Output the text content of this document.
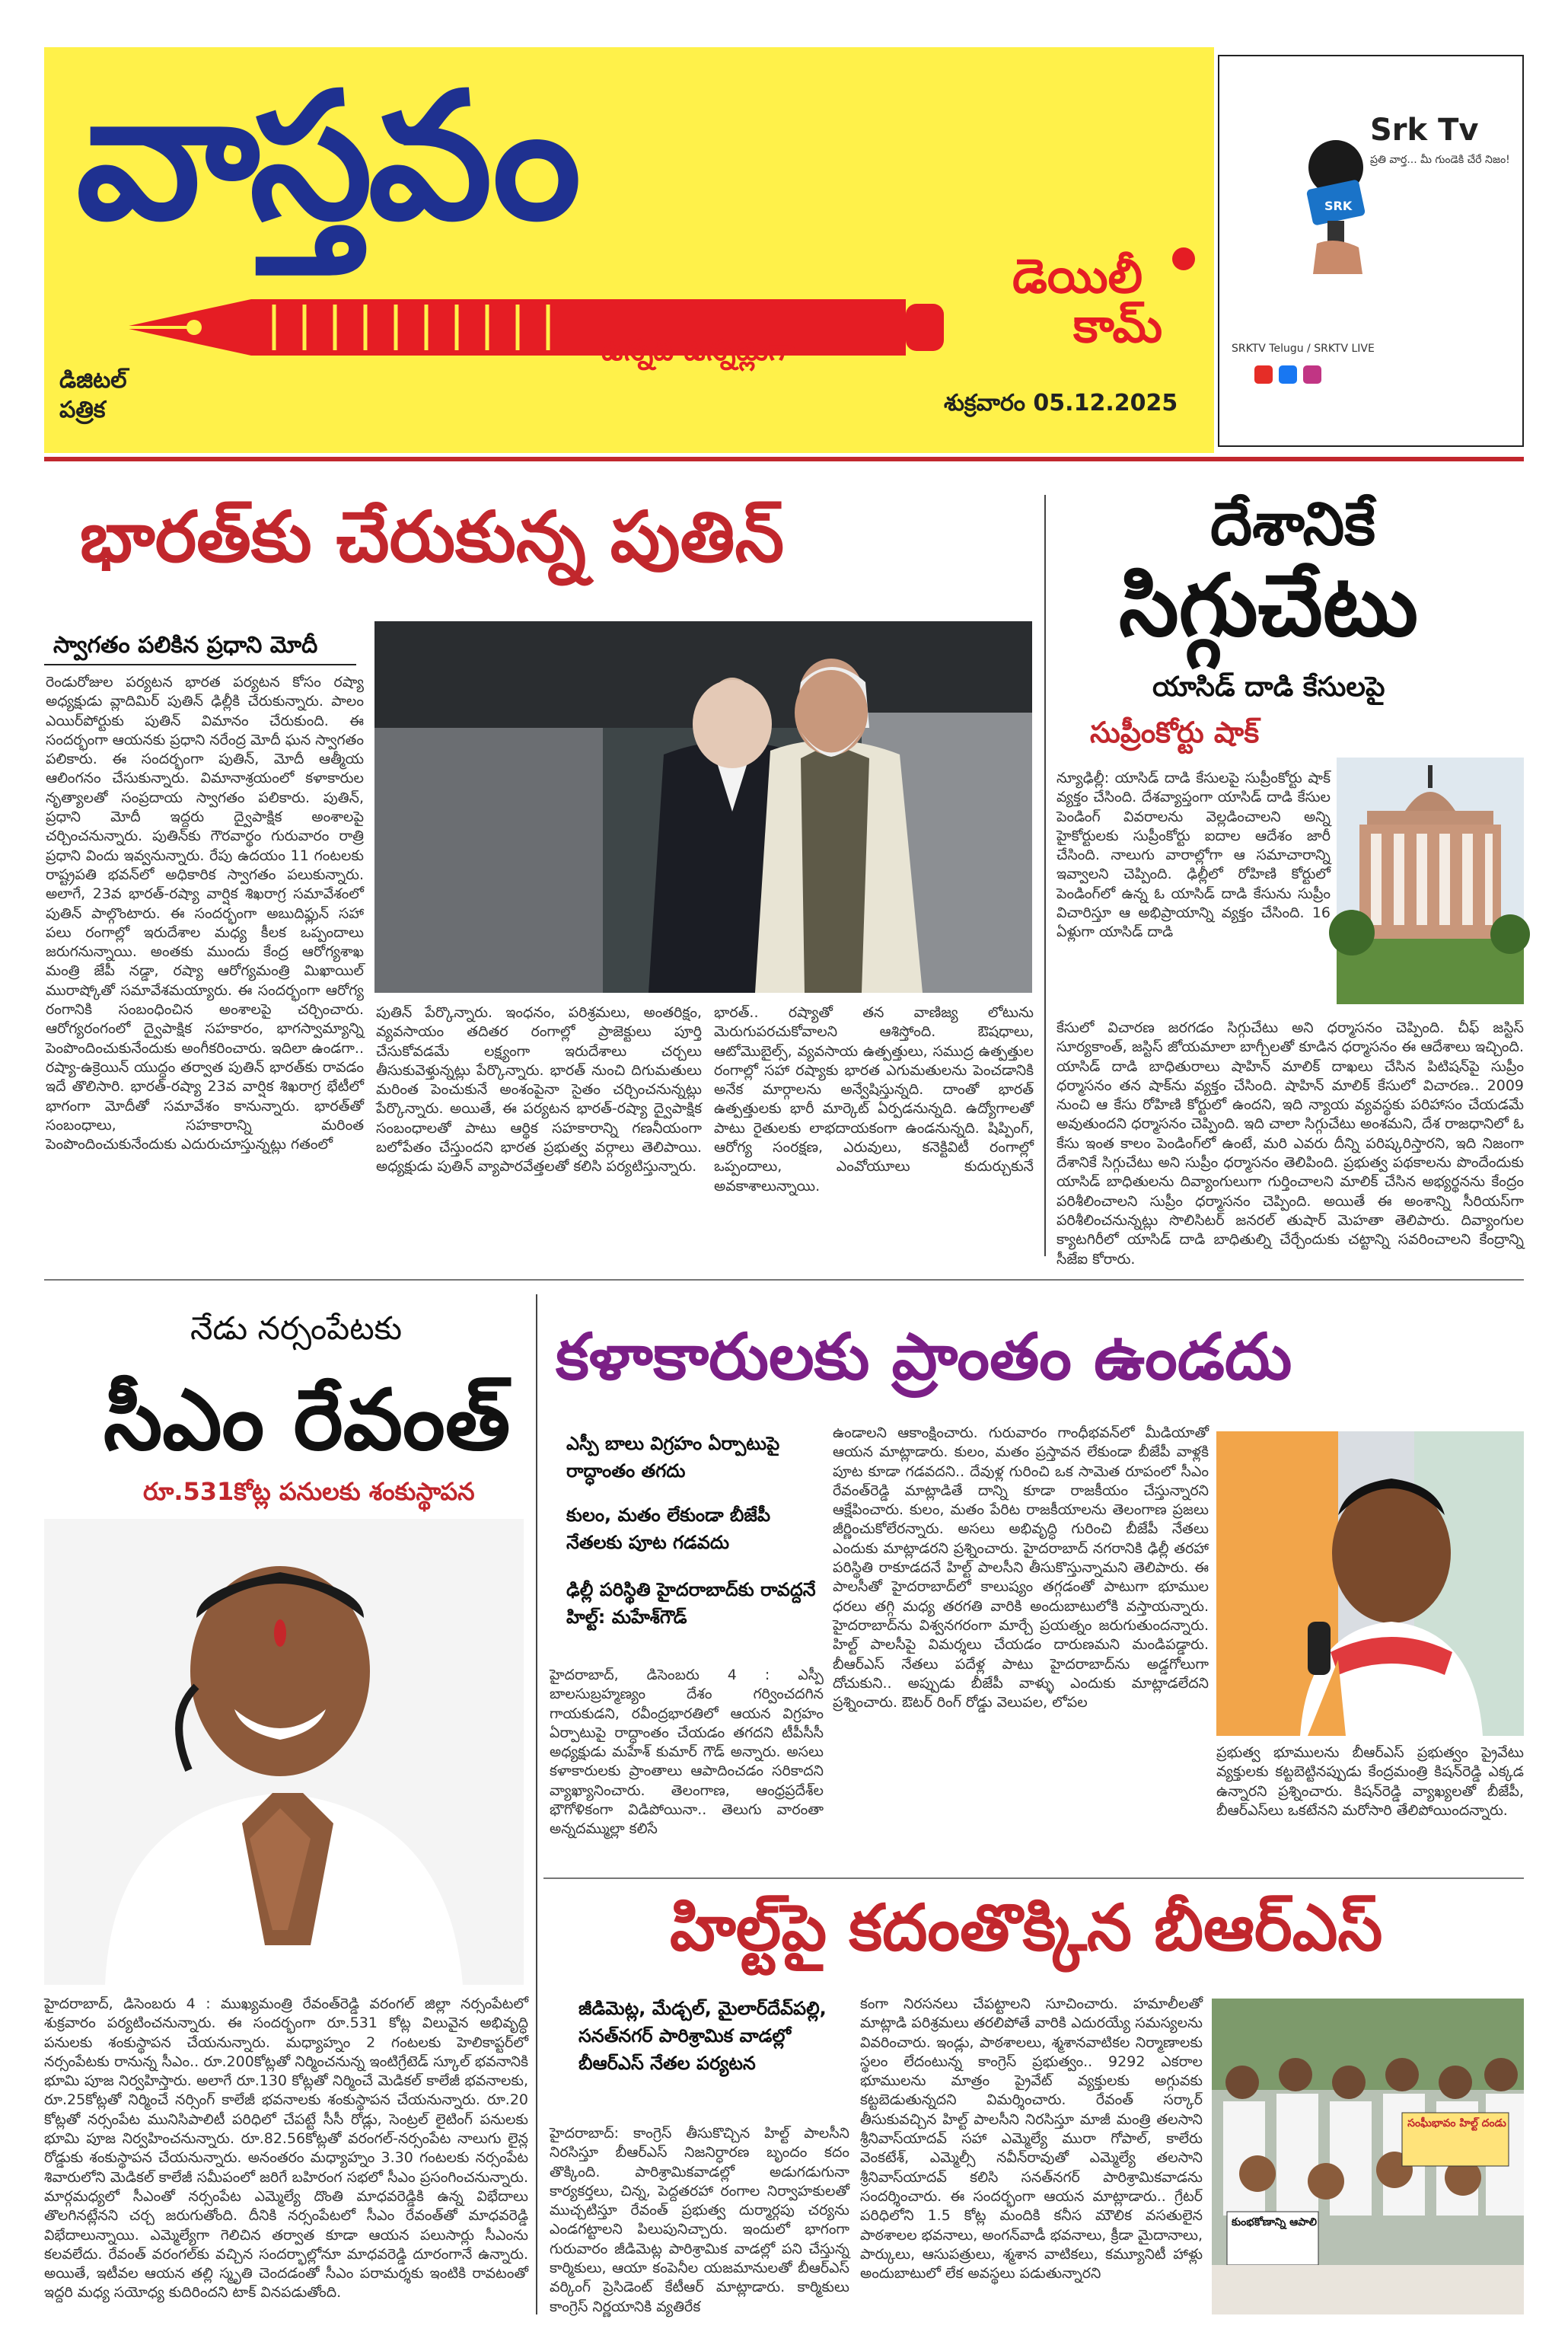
వాస్తవం
డెయిలీ
కామ్
ఉన్నది ఉన్నట్లుగా
డిజిటల్
పత్రిక	శుక్రవారం 05.12.2025
Srk Tv
ప్రతి వార్త... మీ గుండెకి చేరే నిజం!
SRK
SRKTV Telugu / SRKTV LIVE
భారత్‌కు చేరుకున్న పుతిన్
స్వాగతం పలికిన ప్రధాని మోదీ
రెండురోజుల పర్యటన భారత పర్యటన కోసం రష్యా అధ్యక్షుడు వ్లాదిమిర్ పుతిన్ ఢిల్లీకి చేరుకున్నారు. పాలం ఎయిర్‌పోర్టుకు పుతిన్ విమానం చేరుకుంది. ఈ సందర్భంగా ఆయనకు ప్రధాని నరేంద్ర మోదీ ఘన స్వాగతం పలికారు. ఈ సందర్భంగా పుతిన్, మోదీ ఆత్మీయ ఆలింగనం చేసుకున్నారు. విమానాశ్రయంలో కళాకారుల నృత్యాలతో సంప్రదాయ స్వాగతం పలికారు. పుతిన్, ప్రధాని మోదీ ఇద్దరు ద్వైపాక్షిక అంశాలపై చర్చించనున్నారు. పుతిన్‌కు గౌరవార్థం గురువారం రాత్రి ప్రధాని విందు ఇవ్వనున్నారు. రేపు ఉదయం 11 గంటలకు రాష్ట్రపతి భవన్‌లో అధికారిక స్వాగతం పలుకున్నారు. అలాగే, 23వ భారత్-రష్యా వార్షిక శిఖరాగ్ర సమావేశంలో పుతిన్ పాల్గొంటారు. ఈ సందర్భంగా అబుదిఫ్లున్ సహా పలు రంగాల్లో ఇరుదేశాల మధ్య కీలక ఒప్పందాలు జరుగనున్నాయి. అంతకు ముందు కేంద్ర ఆరోగ్యశాఖ మంత్రి జేపీ నడ్డా, రష్యా ఆరోగ్యమంత్రి మిఖాయిల్ మురాష్కోతో సమావేశమయ్యారు. ఈ సందర్భంగా ఆరోగ్య రంగానికి సంబంధించిన అంశాలపై చర్చించారు. ఆరోగ్యరంగంలో ద్వైపాక్షిక సహకారం, భాగస్వామ్యాన్ని పెంపొందించుకునేందుకు అంగీకరించారు. ఇదిలా ఉండగా.. రష్యా-ఉక్రెయిన్ యుద్ధం తర్వాత పుతిన్ భారత్‌కు రావడం ఇదే తొలిసారి. భారత్-రష్యా 23వ వార్షిక శిఖరాగ్ర భేటీలో భాగంగా మోదీతో సమావేశం కానున్నారు. భారత్‌తో సంబంధాలు, సహకారాన్ని మరింత పెంపొందించుకునేందుకు ఎదురుచూస్తున్నట్లు గతంలో
పుతిన్ పేర్కొన్నారు. ఇంధనం, పరిశ్రమలు, అంతరిక్షం, వ్యవసాయం తదితర రంగాల్లో ప్రాజెక్టులు పూర్తి చేసుకోవడమే లక్ష్యంగా ఇరుదేశాలు చర్చలు తీసుకువెళ్తున్నట్లు పేర్కొన్నారు. భారత్ నుంచి దిగుమతులు మరింత పెంచుకునే అంశంపైనా సైతం చర్చించనున్నట్లు పేర్కొన్నారు. అయితే, ఈ పర్యటన భారత్-రష్యా ద్వైపాక్షిక సంబంధాలతో పాటు ఆర్థిక సహకారాన్ని గణనీయంగా బలోపేతం చేస్తుందని భారత ప్రభుత్వ వర్గాలు తెలిపాయి. అధ్యక్షుడు పుతిన్ వ్యాపారవేత్తలతో కలిసి పర్యటిస్తున్నారు.
భారత్.. రష్యాతో తన వాణిజ్య లోటును మెరుగుపరచుకోవాలని ఆశిస్తోంది. ఔషధాలు, ఆటోమొబైల్స్, వ్యవసాయ ఉత్పత్తులు, సముద్ర ఉత్పత్తుల రంగాల్లో సహా రష్యాకు భారత ఎగుమతులను పెంచడానికి అనేక మార్గాలను అన్వేషిస్తున్నది. దాంతో భారత్ ఉత్పత్తులకు భారీ మార్కెట్ ఏర్పడనున్నది. ఉద్యోగాలతో పాటు రైతులకు లాభదాయకంగా ఉండనున్నది. షిప్పింగ్, ఆరోగ్య సంరక్షణ, ఎరువులు, కనెక్టివిటీ రంగాల్లో ఒప్పందాలు, ఎంవోయూలు కుదుర్చుకునే అవకాశాలున్నాయి.
దేశానికే
సిగ్గుచేటు
యాసిడ్ దాడి కేసులపై
సుప్రీంకోర్టు షాక్
న్యూఢిల్లీ: యాసిడ్ దాడి కేసులపై సుప్రీంకోర్టు షాక్ వ్యక్తం చేసింది. దేశవ్యాప్తంగా యాసిడ్ దాడి కేసుల పెండింగ్ వివరాలను వెల్లడించాలని అన్ని హైకోర్టులకు సుప్రీంకోర్టు ఐదాల ఆదేశం జారీ చేసింది. నాలుగు వారాల్లోగా ఆ సమాచారాన్ని ఇవ్వాలని చెప్పింది. ఢిల్లీలో రోహిణి కోర్టులో పెండింగ్‌లో ఉన్న ఓ యాసిడ్ దాడి కేసును సుప్రీం విచారిస్తూ ఆ అభిప్రాయాన్ని వ్యక్తం చేసింది. 16 ఏళ్లుగా యాసిడ్ దాడి
కేసులో విచారణ జరగడం సిగ్గుచేటు అని ధర్మాసనం చెప్పింది. చీఫ్ జస్టిస్ సూర్యకాంత్, జస్టిస్ జోయమాలా బాగ్చీలతో కూడిన ధర్మాసనం ఈ ఆదేశాలు ఇచ్చింది. యాసిడ్ దాడి బాధితురాలు షాహిన్ మాలిక్ దాఖలు చేసిన పిటిషన్‌పై సుప్రీం ధర్మాసనం తన షాక్‌ను వ్యక్తం చేసింది. షాహిన్ మాలిక్ కేసులో విచారణ.. 2009 నుంచి ఆ కేసు రోహిణి కోర్టులో ఉందని, ఇది న్యాయ వ్యవస్థకు పరిహాసం చేయడమే అవుతుందని ధర్మాసనం చెప్పింది. ఇది చాలా సిగ్గుచేటు అంశమని, దేశ రాజధానిలో ఓ కేసు ఇంత కాలం పెండింగ్‌లో ఉంటే, మరి ఎవరు దీన్ని పరిష్కరిస్తారని, ఇది నిజంగా దేశానికే సిగ్గుచేటు అని సుప్రీం ధర్మాసనం తెలిపింది. ప్రభుత్వ పథకాలను పొందేందుకు యాసిడ్ బాధితులను దివ్యాంగులుగా గుర్తించాలని మాలిక్ చేసిన అభ్యర్థనను కేంద్రం పరిశీలించాలని సుప్రీం ధర్మాసనం చెప్పింది. అయితే ఈ అంశాన్ని సీరియస్‌గా పరిశీలించనున్నట్లు సొలిసిటర్ జనరల్ తుషార్ మెహతా తెలిపారు. దివ్యాంగుల క్యాటగిరీలో యాసిడ్ దాడి బాధితుల్ని చేర్చేందుకు చట్టాన్ని సవరించాలని కేంద్రాన్ని సీజేఐ కోరారు.
నేడు నర్సంపేటకు
సీఎం రేవంత్
రూ.531కోట్ల పనులకు శంకుస్థాపన
హైదరాబాద్, డిసెంబరు 4 : ముఖ్యమంత్రి రేవంత్‌రెడ్డి వరంగల్ జిల్లా నర్సంపేటలో శుక్రవారం పర్యటించనున్నారు. ఈ సందర్భంగా రూ.531 కోట్ల విలువైన అభివృద్ధి పనులకు శంకుస్థాపన చేయనున్నారు. మధ్యాహ్నం 2 గంటలకు హెలికాప్టర్‌లో నర్సంపేటకు రానున్న సీఎం.. రూ.200కోట్లతో నిర్మించనున్న ఇంటిగ్రేటెడ్ స్కూల్ భవనానికి భూమి పూజ నిర్వహిస్తారు. అలాగే రూ.130 కోట్లతో నిర్మించే మెడికల్ కాలేజీ భవనాలకు, రూ.25కోట్లతో నిర్మించే నర్సింగ్ కాలేజీ భవనాలకు శంకుస్థాపన చేయనున్నారు. రూ.20 కోట్లతో నర్సంపేట మునిసిపాలిటీ పరిధిలో చేపట్టే సీసీ రోడ్లు, సెంట్రల్ లైటింగ్ పనులకు భూమి పూజ నిర్వహించనున్నారు. రూ.82.56కోట్లతో వరంగల్-నర్సంపేట నాలుగు లైన్ల రోడ్డుకు శంకుస్థాపన చేయనున్నారు. అనంతరం మధ్యాహ్నం 3.30 గంటలకు నర్సంపేట శివారులోని మెడికల్ కాలేజీ సమీపంలో జరిగే బహిరంగ సభలో సీఎం ప్రసంగించనున్నారు. మార్గమధ్యలో సీఎంతో నర్సంపేట ఎమ్మెల్యే దొంతి మాధవరెడ్డికి ఉన్న విభేదాలు తొలగినట్లేనని చర్చ జరుగుతోంది. దీనికి నర్సంపేటలో సీఎం రేవంత్‌తో మాధవరెడ్డి విభేదాలున్నాయి. ఎమ్మెల్యేగా గెలిచిన తర్వాత కూడా ఆయన పలుసార్లు సీఎంను కలవలేదు. రేవంత్ వరంగల్‌కు వచ్చిన సందర్భాల్లోనూ మాధవరెడ్డి దూరంగానే ఉన్నారు. అయితే, ఇటీవల ఆయన తల్లి స్మృతి చెందడంతో సీఎం పరామర్శకు ఇంటికి రావటంతో ఇద్దరి మధ్య సయోధ్య కుదిరిందని టాక్ వినపడుతోంది.
కళాకారులకు ప్రాంతం ఉండదు
ఎస్పీ బాలు విగ్రహం ఏర్పాటుపై రాద్ధాంతం తగదు
కులం, మతం లేకుండా బీజేపీ నేతలకు పూట గడవదు
ఢిల్లీ పరిస్థితి హైదరాబాద్‌కు రావద్దనే హిల్ట్: మహేశ్‌గౌడ్
హైదరాబాద్, డిసెంబరు 4 : ఎస్పీ బాలసుబ్రహ్మణ్యం దేశం గర్వించదగిన గాయకుడని, రవీంద్రభారతిలో ఆయన విగ్రహం ఏర్పాటుపై రాద్ధాంతం చేయడం తగదని టీపీసీసీ అధ్యక్షుడు మహేశ్ కుమార్ గౌడ్ అన్నారు. అసలు కళాకారులకు ప్రాంతాలు ఆపాదించడం సరికాదని వ్యాఖ్యానించారు. తెలంగాణ, ఆంధ్రప్రదేశ్‌ల భౌగోళికంగా విడిపోయినా.. తెలుగు వారంతా అన్నదమ్ముల్లా కలిసే
ఉండాలని ఆకాంక్షించారు. గురువారం గాంధీభవన్‌లో మీడియాతో ఆయన మాట్లాడారు. కులం, మతం ప్రస్తావన లేకుండా బీజేపీ వాళ్లకి పూట కూడా గడవదని.. దేవుళ్ల గురించి ఒక సామెత రూపంలో సీఎం రేవంత్‌రెడ్డి మాట్లాడితే దాన్ని కూడా రాజకీయం చేస్తున్నారని ఆక్షేపించారు. కులం, మతం పేరిట రాజకీయాలను తెలంగాణ ప్రజలు జీర్ణించుకోలేరన్నారు. అసలు అభివృద్ధి గురించి బీజేపీ నేతలు ఎందుకు మాట్లాడరని ప్రశ్నించారు. హైదరాబాద్ నగరానికి ఢిల్లీ తరహా పరిస్థితి రాకూడదనే హిల్ట్ పాలసీని తీసుకొస్తున్నామని తెలిపారు. ఈ పాలసీతో హైదరాబాద్‌లో కాలుష్యం తగ్గడంతో పాటుగా భూముల ధరలు తగ్గి మధ్య తరగతి వారికి అందుబాటులోకి వస్తాయన్నారు. హైదరాబాద్‌ను విశ్వనగరంగా మార్చే ప్రయత్నం జరుగుతుందన్నారు. హిల్ట్ పాలసీపై విమర్శలు చేయడం దారుణమని మండిపడ్డారు. బీఆర్ఎస్ నేతలు పదేళ్ల పాటు హైదరాబాద్‌ను అడ్డగోలుగా దోచుకుని.. అప్పుడు బీజేపీ వాళ్ళు ఎందుకు మాట్లాడలేదని ప్రశ్నించారు. ఔటర్ రింగ్ రోడ్డు వెలుపల, లోపల
ప్రభుత్వ భూములను బీఆర్ఎస్ ప్రభుత్వం ప్రైవేటు వ్యక్తులకు కట్టబెట్టినప్పుడు కేంద్రమంత్రి కిషన్‌రెడ్డి ఎక్కడ ఉన్నారని ప్రశ్నించారు. కిషన్‌రెడ్డి వ్యాఖ్యలతో బీజేపీ, బీఆర్ఎస్‌లు ఒకటేనని మరోసారి తేలిపోయిందన్నారు.
హిల్ట్‌పై కదంతొక్కిన బీఆర్ఎస్
జీడిమెట్ల, మేడ్చల్, మైలార్‌దేవ్‌పల్లి, సనత్‌నగర్ పారిశ్రామిక వాడల్లో బీఆర్ఎస్ నేతల పర్యటన
హైదరాబాద్: కాంగ్రెస్ తీసుకొచ్చిన హిల్ట్ పాలసీని నిరసిస్తూ బీఆర్ఎస్ నిజనిర్ధారణ బృందం కదం తొక్కింది. పారిశ్రామికవాడల్లో అడుగడుగునా కార్యకర్తలు, చిన్న, పెద్దతరహా రంగాల నిర్వాహకులతో ముచ్చటిస్తూ రేవంత్ ప్రభుత్వ దుర్మార్గపు చర్యను ఎండగట్టాలని పిలుపునిచ్చారు. ఇందులో భాగంగా గురువారం జీడిమెట్ల పారిశ్రామిక వాడల్లో పని చేస్తున్న కార్మికులు, ఆయా కంపెనీల యజమానులతో బీఆర్ఎస్ వర్కింగ్ ప్రెసిడెంట్ కేటీఆర్ మాట్లాడారు. కార్మికులు కాంగ్రెస్ నిర్ణయానికి వ్యతిరేక
కంగా నిరసనలు చేపట్టాలని సూచించారు. హమాలీలతో మాట్లాడి పరిశ్రమలు తరలిపోతే వారికి ఎదురయ్యే సమస్యలను వివరించారు. ఇండ్లు, పాఠశాలలు, శ్మశానవాటికల నిర్మాణాలకు స్థలం లేదంటున్న కాంగ్రెస్ ప్రభుత్వం.. 9292 ఎకరాల భూములను మాత్రం ప్రైవేట్ వ్యక్తులకు అగ్గువకు కట్టబెడుతున్నదని విమర్శించారు. రేవంత్ సర్కార్ తీసుకువచ్చిన హిల్ట్ పాలసీని నిరసిస్తూ మాజీ మంత్రి తలసాని శ్రీనివాస్‌యాదవ్ సహా ఎమ్మెల్యే మురా గోపాల్, కాలేరు వెంకటేశ్, ఎమ్మెల్సీ నవీన్‌రావుతో ఎమ్మెల్యే తలసాని శ్రీనివాస్‌యాదవ్ కలిసి సనత్‌నగర్ పారిశ్రామికవాడను సందర్శించారు. ఈ సందర్భంగా ఆయన మాట్లాడారు.. గ్రేటర్ పరిధిలోని 1.5 కోట్ల మందికి కనీస మౌలిక వసతులైన పాఠశాలల భవనాలు, అంగన్‌వాడీ భవనాలు, క్రీడా మైదానాలు, పార్కులు, ఆసుపత్రులు, శ్మశాన వాటికలు, కమ్యూనిటీ హాళ్లు అందుబాటులో లేక అవస్థలు పడుతున్నారని
సంఘీభావం హిల్ట్ దండు
కుంభకోణాన్ని ఆపాలి
